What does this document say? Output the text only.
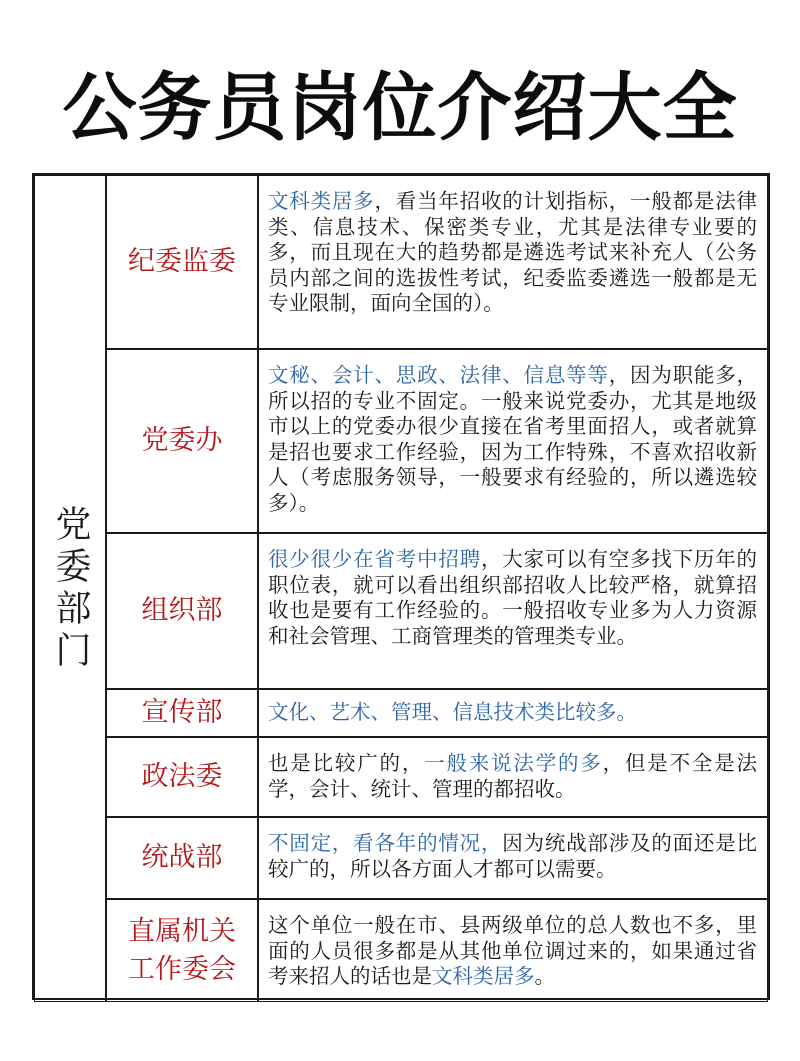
公务员岗位介绍大全
党委部门
纪委监委
文科类居多，看当年招收的计划指标，一般都是法律类、信息技术、保密类专业，尤其是法律专业要的多，而且现在大的趋势都是遴选考试来补充人（公务员内部之间的选拔性考试，纪委监委遴选一般都是无专业限制，面向全国的）。
党委办
文秘、会计、思政、法律、信息等等，因为职能多，所以招的专业不固定。一般来说党委办，尤其是地级市以上的党委办很少直接在省考里面招人，或者就算是招也要求工作经验，因为工作特殊，不喜欢招收新人（考虑服务领导，一般要求有经验的，所以遴选较多）。
组织部
很少很少在省考中招聘，大家可以有空多找下历年的职位表，就可以看出组织部招收人比较严格，就算招收也是要有工作经验的。一般招收专业多为人力资源和社会管理、工商管理类的管理类专业。
宣传部 文化、艺术、管理、信息技术类比较多。
政法委	也是比较广的，一般来说法学的多，但是不全是法学，会计、统计、管理的都招收。
统战部	不固定，看各年的情况，因为统战部涉及的面还是比较广的，所以各方面人才都可以需要。
直属机关工作委会
这个单位一般在市、县两级单位的总人数也不多，里面的人员很多都是从其他单位调过来的，如果通过省考来招人的话也是文科类居多。
